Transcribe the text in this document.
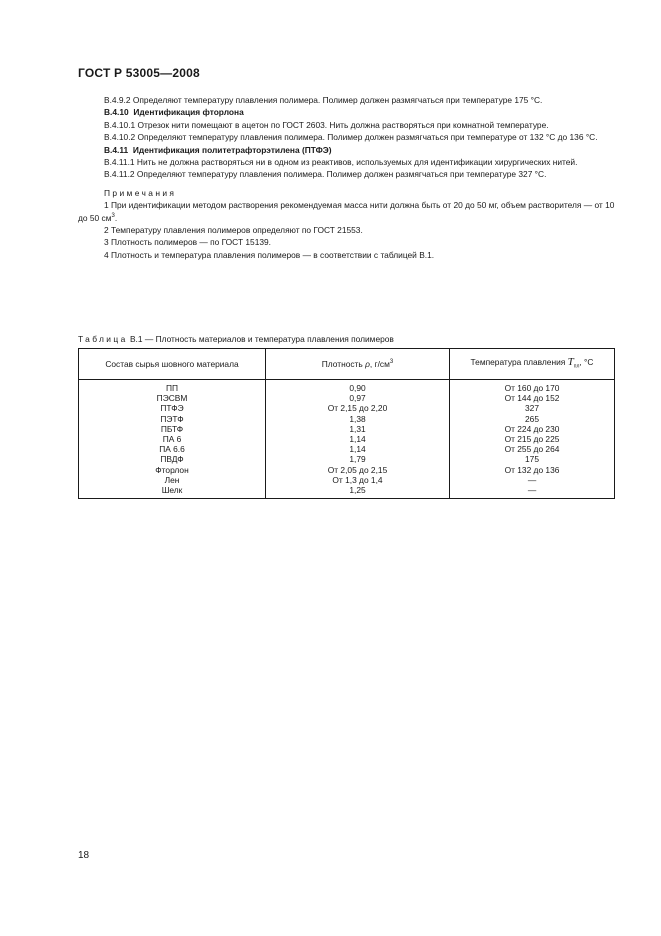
ГОСТ Р 53005—2008

В.4.9.2 Определяют температуру плавления полимера. Полимер должен размягчаться при температуре 175 °С.

В.4.10 Идентификация фторлона

В.4.10.1 Отрезок нити помещают в ацетон по ГОСТ 2603. Нить должна растворяться при комнатной температуре.

В.4.10.2 Определяют температуру плавления полимера. Полимер должен размягчаться при температуре от 132 °С до 136 °С.

В.4.11 Идентификация политетрафторэтилена (ПТФЭ)

В.4.11.1 Нить не должна растворяться ни в одном из реактивов, используемых для идентификации хирургических нитей.

В.4.11.2 Определяют температуру плавления полимера. Полимер должен размягчаться при температуре 327 °С.

Примечания

1 При идентификации методом растворения рекомендуемая масса нити должна быть от 20 до 50 мг, объем растворителя — от 10 до 50 $см^3$.

2 Температуру плавления полимеров определяют по ГОСТ 21553.

3 Плотность полимеров — по ГОСТ 15139.

4 Плотность и температура плавления полимеров — в соответствии с таблицей В.1.

Таблица В.1 — Плотность материалов и температура плавления полимеров
Состав сырья шовного материала	Плотность ρ, $г/см^3$	Температура плавления $T_{пл}$, °С
ПП	0,90	От 160 до 170
ПЭСВМ	0,97	От 144 до 152
ПТФЭ	От 2,15 до 2,20	327
ПЭТФ	1,38	265
ПБТФ	1,31	От 224 до 230
ПА 6	1,14	От 215 до 225
ПА 6.6	1,14	От 255 до 264
ПВДФ	1,79	175
Фторлон	От 2,05 до 2,15	От 132 до 136
Лен	От 1,3 до 1,4	—
Шелк	1,25	—
18
